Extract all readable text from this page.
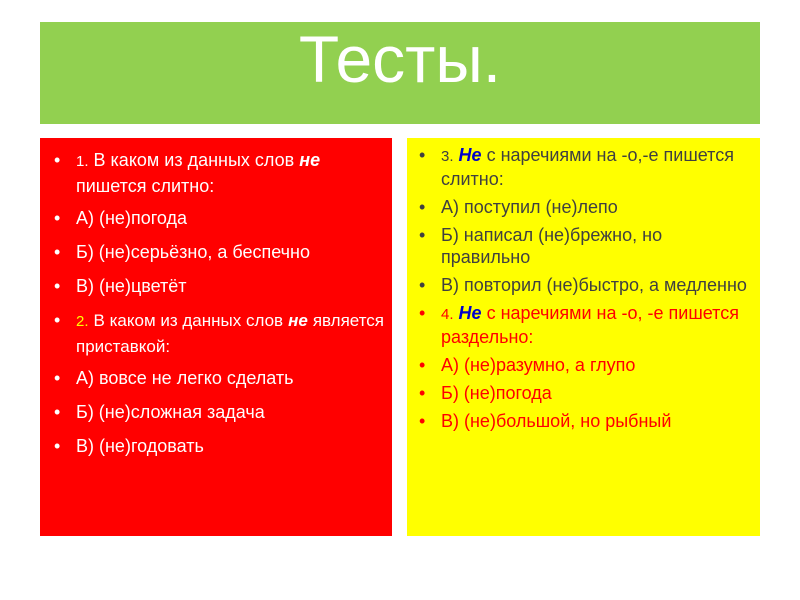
Тесты.
• 1. В каком из данных слов не пишется слитно:
• А) (не)погода
• Б) (не)серьёзно, а беспечно
• В) (не)цветёт
• 2. В каком из данных слов не является приставкой:
• А) вовсе не легко сделать
• Б) (не)сложная задача
• В) (не)годовать
• 3. Не с наречиями на -о,-е пишется слитно:
• А) поступил (не)лепо
• Б) написал (не)брежно, но правильно
• В) повторил (не)быстро, а медленно
• 4. Не с наречиями на -о, -е пишется раздельно:
• А) (не)разумно, а глупо
• Б) (не)погода
• В) (не)большой, но рыбный
